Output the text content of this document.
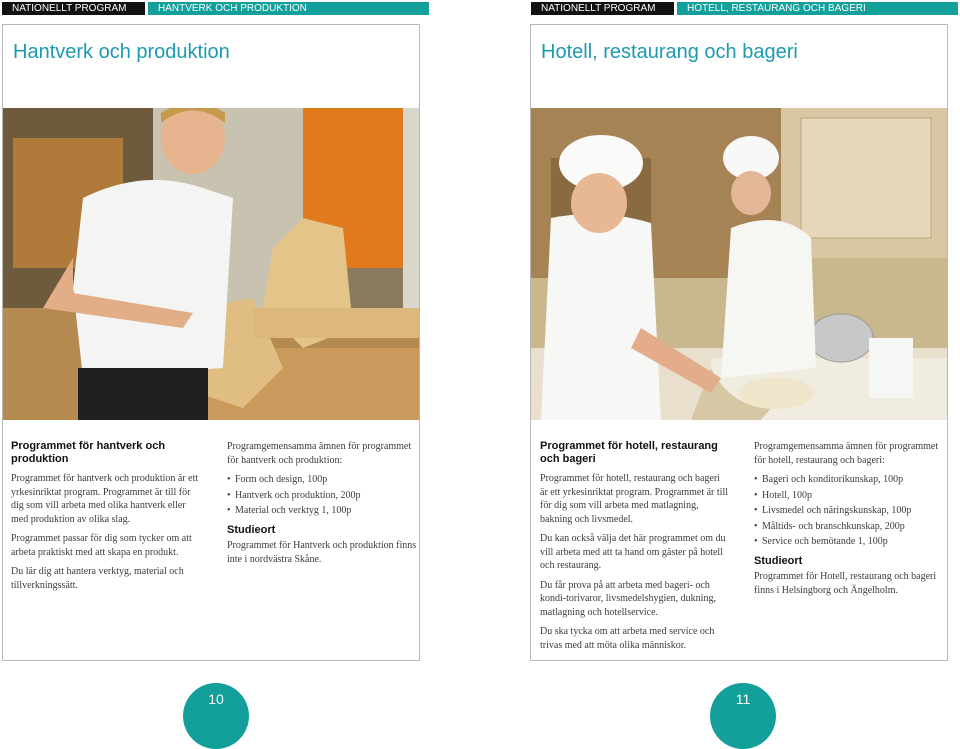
NATIONELLT PROGRAM	HANTVERK OCH PRODUKTION	NATIONELLT PROGRAM	HOTELL, RESTAURANG OCH BAGERI
Hantverk och produktion
Programmet för hantverk och produktion

Programmet för hantverk och produktion är ett yrkesinriktat program. Programmet är till för dig som vill arbeta med olika hantverk eller med produktion av olika slag.

Programmet passar för dig som tycker om att arbeta praktiskt med att skapa en produkt.

Du lär dig att hantera verktyg, material och tillverkningssätt.

Programgemensamma ämnen för programmet för hantverk och produktion:

• Form och design, 100p
• Hantverk och produktion, 200p
• Material och verktyg 1, 100p
Studieort

Programmet för Hantverk och produktion finns inte i nordvästra Skåne.

Hotell, restaurang och bageri
Programmet för hotell, restaurang och bageri

Programmet för hotell, restaurang och bageri är ett yrkesinriktat program. Programmet är till för dig som vill arbeta med matlagning, bakning och livsmedel.

Du kan också välja det här programmet om du vill arbeta med att ta hand om gäster på hotell och restaurang.

Du får prova på att arbeta med bageri- och kondi-torivaror, livsmedelshygien, dukning, matlagning och hotellservice.

Du ska tycka om att arbeta med service och trivas med att möta olika människor.

Programgemensamma ämnen för programmet för hotell, restaurang och bageri:

• Bageri och konditorikunskap, 100p
• Hotell, 100p
• Livsmedel och näringskunskap, 100p
• Måltids- och branschkunskap, 200p
• Service och bemötande 1, 100p
Studieort

Programmet för Hotell, restaurang och bageri finns i Helsingborg och Ängelholm.

10	11
